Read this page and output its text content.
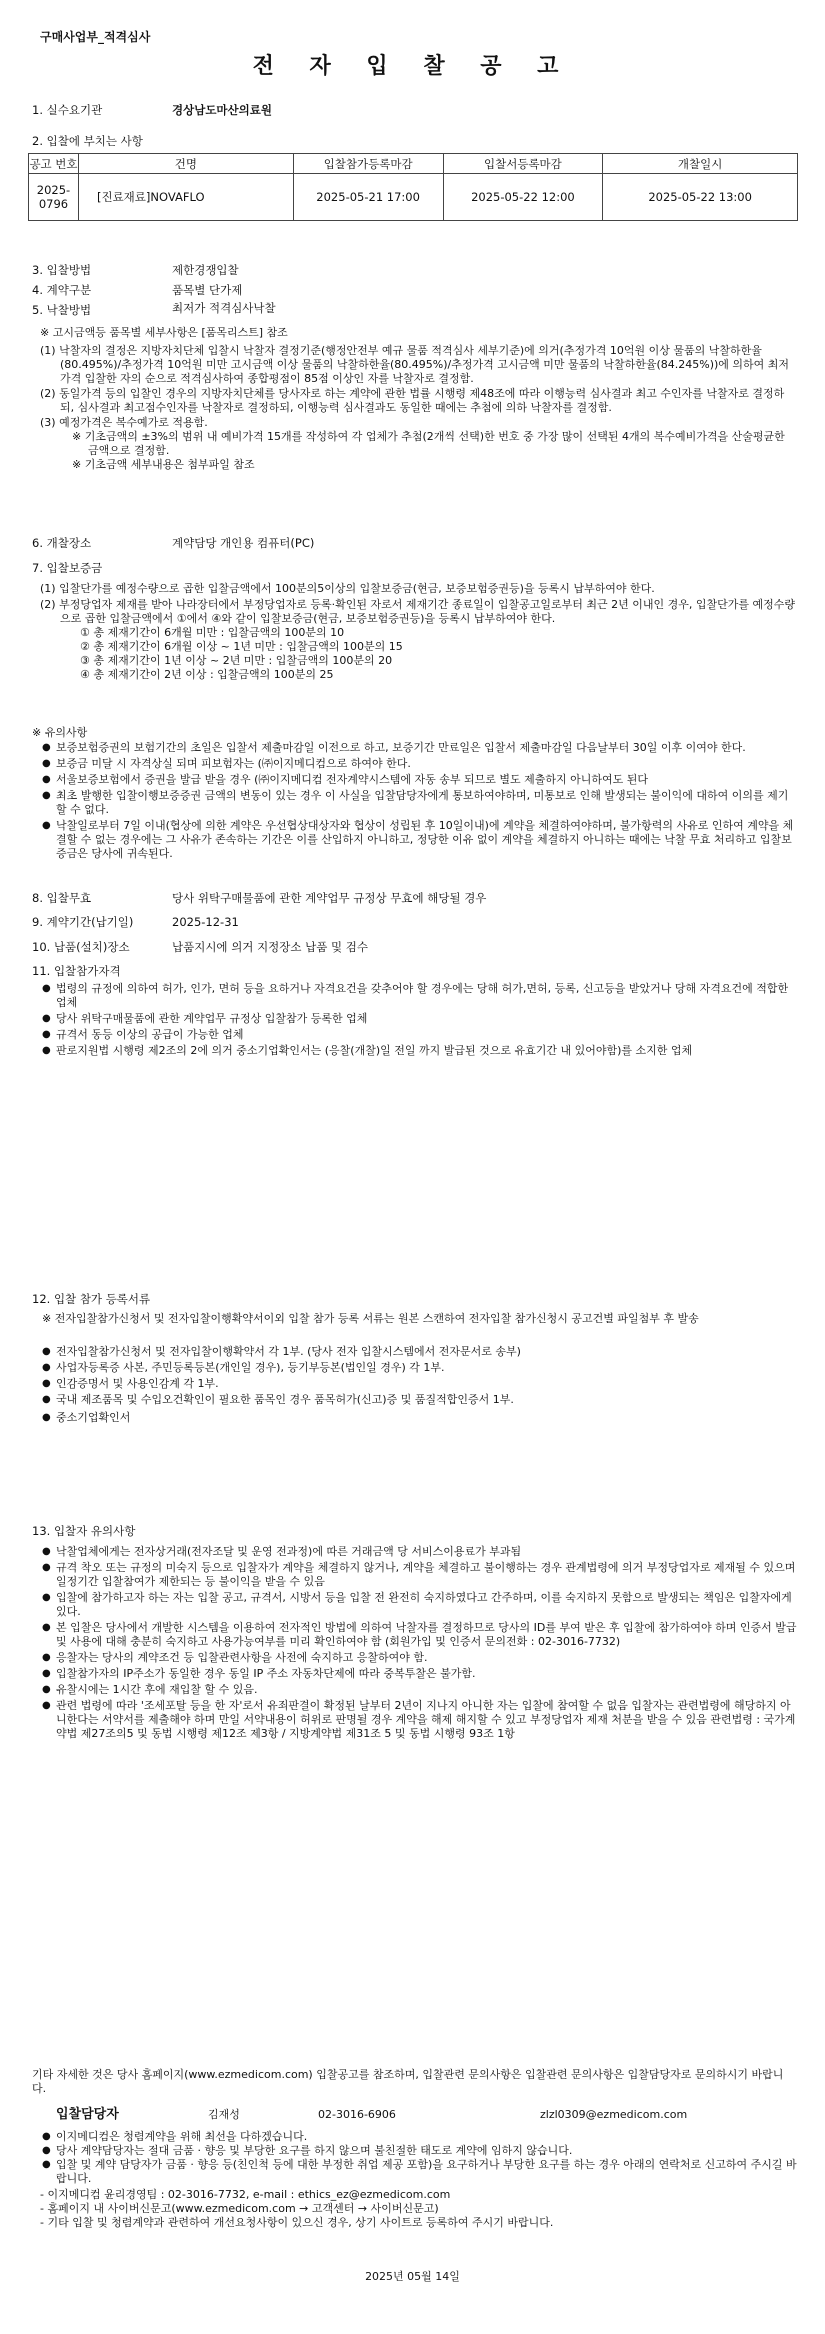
구매사업부_적격심사
전 자 입 찰 공 고
1. 실수요기관	경상남도마산의료원
2. 입찰에 부치는 사항
공고 번호	건명	입찰참가등록마감	입찰서등록마감	개찰일시
2025-0796	[진료재료]NOVAFLO	2025-05-21 17:00	2025-05-22 12:00	2025-05-22 13:00
3. 입찰방법	제한경쟁입찰
4. 계약구분	품목별 단가제
5. 낙찰방법	최저가 적격심사낙찰
※ 고시금액등 품목별 세부사항은 [품목리스트] 참조
(1) 낙찰자의 결정은 지방자치단체 입찰시 낙찰자 결정기준(행정안전부 예규 물품 적격심사 세부기준)에 의거(추정가격 10억원 이상 물품의 낙찰하한율(80.495%)/추정가격 10억원 미만 고시금액 이상 물품의 낙찰하한율(80.495%)/추정가격 고시금액 미만 물품의 낙찰하한율(84.245%))에 의하여 최저가격 입찰한 자의 순으로 적격심사하여 종합평점이 85점 이상인 자를 낙찰자로 결정함.
(2) 동일가격 등의 입찰인 경우의 지방자치단체를 당사자로 하는 계약에 관한 법률 시행령 제48조에 따라 이행능력 심사결과 최고 수인자를 낙찰자로 결정하되, 심사결과 최고점수인자를 낙찰자로 결정하되, 이행능력 심사결과도 동일한 때에는 추첨에 의하 낙찰자를 결정함.
(3) 예정가격은 복수예가로 적용함.
※ 기초금액의 ±3%의 범위 내 예비가격 15개를 작성하여 각 업체가 추첨(2개씩 선택)한 번호 중 가장 많이 선택된 4개의 복수예비가격을 산술평균한 금액으로 결정함.
※ 기초금액 세부내용은 첨부파일 참조
6. 개찰장소	계약담당 개인용 컴퓨터(PC)
7. 입찰보증금
(1) 입찰단가를 예정수량으로 곱한 입찰금액에서 100분의5이상의 입찰보증금(현금, 보증보험증권등)을 등록시 납부하여야 한다.
(2) 부정당업자 제재를 받아 나라장터에서 부정당업자로 등록·확인된 자로서 제재기간 종료일이 입찰공고일로부터 최근 2년 이내인 경우, 입찰단가를 예정수량으로 곱한 입찰금액에서 ①에서 ④와 같이 입찰보증금(현금, 보증보험증권등)을 등록시 납부하여야 한다.
① 총 제재기간이 6개월 미만 : 입찰금액의 100분의 10
② 총 제재기간이 6개월 이상 ~ 1년 미만 : 입찰금액의 100분의 15
③ 총 제재기간이 1년 이상 ~ 2년 미만 : 입찰금액의 100분의 20
④ 총 제재기간이 2년 이상 : 입찰금액의 100분의 25
※ 유의사항
● 보증보험증권의 보험기간의 초일은 입찰서 제출마감일 이전으로 하고, 보증기간 만료일은 입찰서 제출마감일 다음날부터 30일 이후 이여야 한다.
● 보증금 미달 시 자격상실 되며 피보험자는 (㈜이지메디컴으로 하여야 한다.
● 서울보증보험에서 증권을 발급 받을 경우 (㈜이지메디컴 전자계약시스템에 자동 송부 되므로 별도 제출하지 아니하여도 된다
● 최초 발행한 입찰이행보증증권 금액의 변동이 있는 경우 이 사실을 입찰담당자에게 통보하여야하며, 미통보로 인해 발생되는 불이익에 대하여 이의를 제기할 수 없다.
● 낙찰일로부터 7일 이내(협상에 의한 계약은 우선협상대상자와 협상이 성립된 후 10일이내)에 계약을 체결하여야하며, 불가항력의 사유로 인하여 계약을 체결할 수 없는 경우에는 그 사유가 존속하는 기간은 이를 산입하지 아니하고, 정당한 이유 없이 계약을 체결하지 아니하는 때에는 낙찰 무효 처리하고 입찰보증금은 당사에 귀속된다.
8. 입찰무효	당사 위탁구매물품에 관한 계약업무 규정상 무효에 해당될 경우
9. 계약기간(납기일)	2025-12-31
10. 납품(설치)장소	납품지시에 의거 지정장소 납품 및 검수
11. 입찰참가자격
● 법령의 규정에 의하여 허가, 인가, 면허 등을 요하거나 자격요건을 갖추어야 할 경우에는 당해 허가,면허, 등록, 신고등을 받았거나 당해 자격요건에 적합한 업체
● 당사 위탁구매물품에 관한 계약업무 규정상 입찰참가 등록한 업체
● 규격서 동등 이상의 공급이 가능한 업체
● 판로지원법 시행령 제2조의 2에 의거 중소기업확인서는 (응찰(개찰)일 전일 까지 발급된 것으로 유효기간 내 있어야함)를 소지한 업체
12. 입찰 참가 등록서류
※ 전자입찰참가신청서 및 전자입찰이행확약서이외 입찰 참가 등록 서류는 원본 스캔하여 전자입찰 참가신청시 공고건별 파일첨부 후 발송
● 전자입찰참가신청서 및 전자입찰이행확약서 각 1부. (당사 전자 입찰시스템에서 전자문서로 송부)
● 사업자등록증 사본, 주민등록등본(개인일 경우), 등기부등본(법인일 경우) 각 1부.
● 인감증명서 및 사용인감계 각 1부.
● 국내 제조품목 및 수입오건확인이 필요한 품목인 경우 품목허가(신고)증 및 품질적합인증서 1부.
● 중소기업확인서
13. 입찰자 유의사항
● 낙찰업체에게는 전자상거래(전자조달 및 운영 전과정)에 따른 거래금액 당 서비스이용료가 부과됨
● 규격 착오 또는 규정의 미숙지 등으로 입찰자가 계약을 체결하지 않거나, 계약을 체결하고 불이행하는 경우 관계법령에 의거 부정당업자로 제재될 수 있으며 일정기간 입찰참여가 제한되는 등 불이익을 받을 수 있음
● 입찰에 참가하고자 하는 자는 입찰 공고, 규격서, 시방서 등을 입찰 전 완전히 숙지하였다고 간주하며, 이를 숙지하지 못함으로 발생되는 책임은 입찰자에게 있다.
● 본 입찰은 당사에서 개발한 시스템을 이용하여 전자적인 방법에 의하여 낙찰자를 결정하므로 당사의 ID를 부여 받은 후 입찰에 참가하여야 하며 인증서 발급 및 사용에 대해 충분히 숙지하고 사용가능여부를 미리 확인하여야 함 (회원가입 및 인증서 문의전화 : 02-3016-7732)
● 응찰자는 당사의 계약조건 등 입찰관련사항을 사전에 숙지하고 응찰하여야 함.
● 입찰참가자의 IP주소가 동일한 경우 동일 IP 주소 자동차단제에 따라 중복투찰은 불가함.
● 유찰시에는 1시간 후에 재입찰 할 수 있음.
● 관련 법령에 따라 '조세포탈 등을 한 자'로서 유죄판결이 확정된 날부터 2년이 지나지 아니한 자는 입찰에 참여할 수 없음 입찰자는 관련법령에 해당하지 아니한다는 서약서를 제출해야 하며 만일 서약내용이 허위로 판명될 경우 계약을 해제 해지할 수 있고 부정당업자 제재 처분을 받을 수 있음 관련법령 : 국가계약법 제27조의5 및 동법 시행령 제12조 제3항 / 지방계약법 제31조 5 및 동법 시행령 93조 1항
기타 자세한 것은 당사 홈페이지(www.ezmedicom.com) 입찰공고를 참조하며, 입찰관련 문의사항은 입찰관련 문의사항은 입찰담당자로 문의하시기 바랍니다.
입찰담당자	김재성	02-3016-6906	zlzl0309@ezmedicom.com
● 이지메디컴은 청렴계약을 위해 최선을 다하겠습니다.
● 당사 계약담당자는 절대 금품 · 향응 및 부당한 요구를 하지 않으며 불친절한 태도로 계약에 임하지 않습니다.
● 입찰 및 계약 담당자가 금품 · 향응 등(친인척 등에 대한 부정한 취업 제공 포함)을 요구하거나 부당한 요구를 하는 경우 아래의 연락처로 신고하여 주시길 바랍니다.
- 이지메디컴 윤리경영팀 : 02-3016-7732, e-mail : ethics_ez@ezmedicom.com
- 홈페이지 내 사이버신문고(www.ezmedicom.com → 고객센터 → 사이버신문고)
- 기타 입찰 및 청렴계약과 관련하여 개선요청사항이 있으신 경우, 상기 사이트로 등록하여 주시기 바랍니다.
2025년 05월 14일
